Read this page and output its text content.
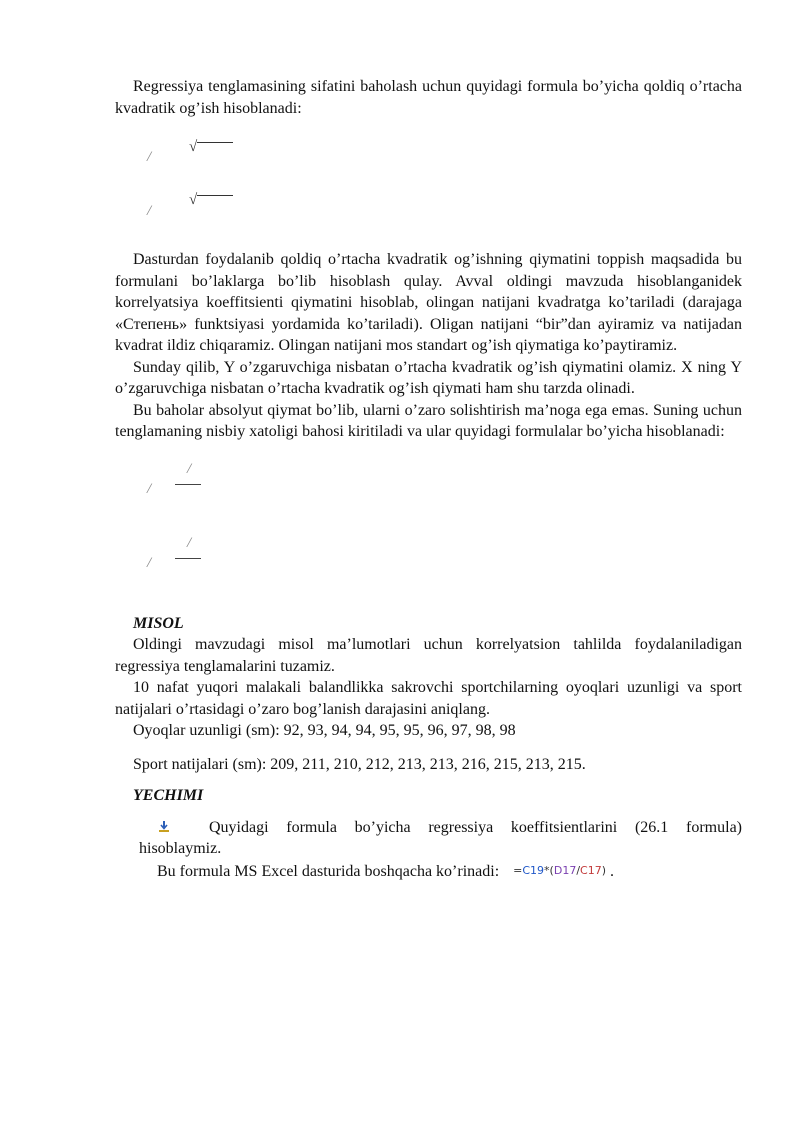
Regressiya tenglamasining sifatini baholash uchun quyidagi formula bo’yicha qoldiq o’rtacha kvadratik og’ish hisoblanadi:

/
√
/
√

Dasturdan foydalanib qoldiq o’rtacha kvadratik og’ishning qiymatini toppish maqsadida bu formulani bo’laklarga bo’lib hisoblash qulay. Avval oldingi mavzuda hisoblanganidek korrelyatsiya koeffitsienti qiymatini hisoblab, olingan natijani kvadratga ko’tariladi (darajaga «Степень» funktsiyasi yordamida ko’tariladi). Oligan natijani “bir”dan ayiramiz va natijadan kvadrat ildiz chiqaramiz. Olingan natijani mos standart og’ish qiymatiga ko’paytiramiz.

Sunday qilib, Y o’zgaruvchiga nisbatan o’rtacha kvadratik og’ish qiymatini olamiz. X ning Y o’zgaruvchiga nisbatan o’rtacha kvadratik og’ish qiymati ham shu tarzda olinadi.

Bu baholar absolyut qiymat bo’lib, ularni o’zaro solishtirish ma’noga ega emas. Suning uchun tenglamaning nisbiy xatoligi bahosi kiritiladi va ular quyidagi formulalar bo’yicha hisoblanadi:

/
/
/
/

MISOL

Oldingi mavzudagi misol ma’lumotlari uchun korrelyatsion tahlilda foydalaniladigan regressiya tenglamalarini tuzamiz.

10 nafat yuqori malakali balandlikka sakrovchi sportchilarning oyoqlari uzunligi va sport natijalari o’rtasidagi o’zaro bog’lanish darajasini aniqlang.

Oyoqlar uzunligi (sm): 92, 93, 94, 94, 95, 95, 96, 97, 98, 98

Sport natijalari (sm): 209, 211, 210, 212, 213, 213, 216, 215, 213, 215.

YECHIMI

Quyidagi formula bo’yicha regressiya koeffitsientlarini (26.1 formula) hisoblaymiz.

Bu formula MS Excel dasturida boshqacha ko’rinadi: =C19*(D17/C17) .
